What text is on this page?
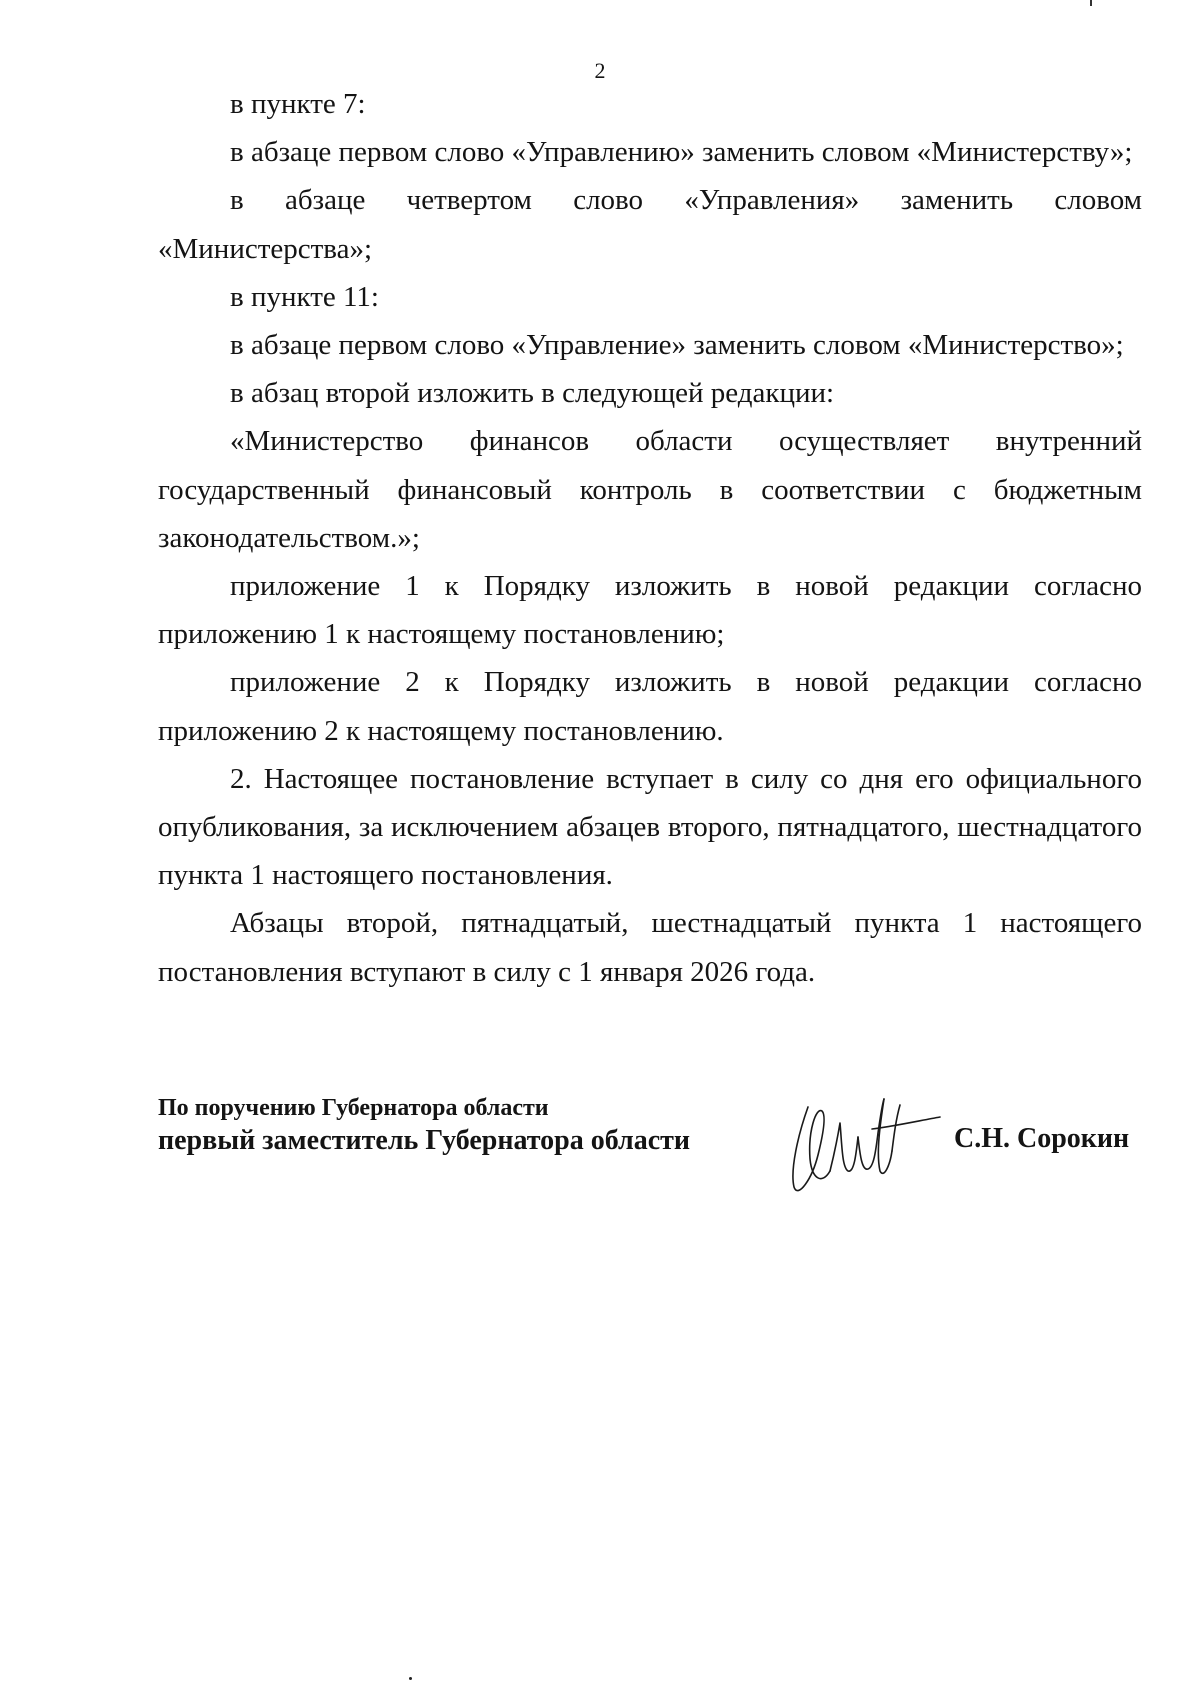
2

в пункте 7:

в абзаце первом слово «Управлению» заменить словом «Министерству»;

в абзаце четвертом слово «Управления» заменить словом «Министерства»;

в пункте 11:

в абзаце первом слово «Управление» заменить словом «Министерство»;

в абзац второй изложить в следующей редакции:

«Министерство финансов области осуществляет внутренний государственный финансовый контроль в соответствии с бюджетным законодательством.»;

приложение 1 к Порядку изложить в новой редакции согласно приложению 1 к настоящему постановлению;

приложение 2 к Порядку изложить в новой редакции согласно приложению 2 к настоящему постановлению.

2. Настоящее постановление вступает в силу со дня его официального опубликования, за исключением абзацев второго, пятнадцатого, шестнадцатого пункта 1 настоящего постановления.

Абзацы второй, пятнадцатый, шестнадцатый пункта 1 настоящего постановления вступают в силу с 1 января 2026 года.

По поручению Губернатора области
первый заместитель Губернатора области	С.Н. Сорокин
